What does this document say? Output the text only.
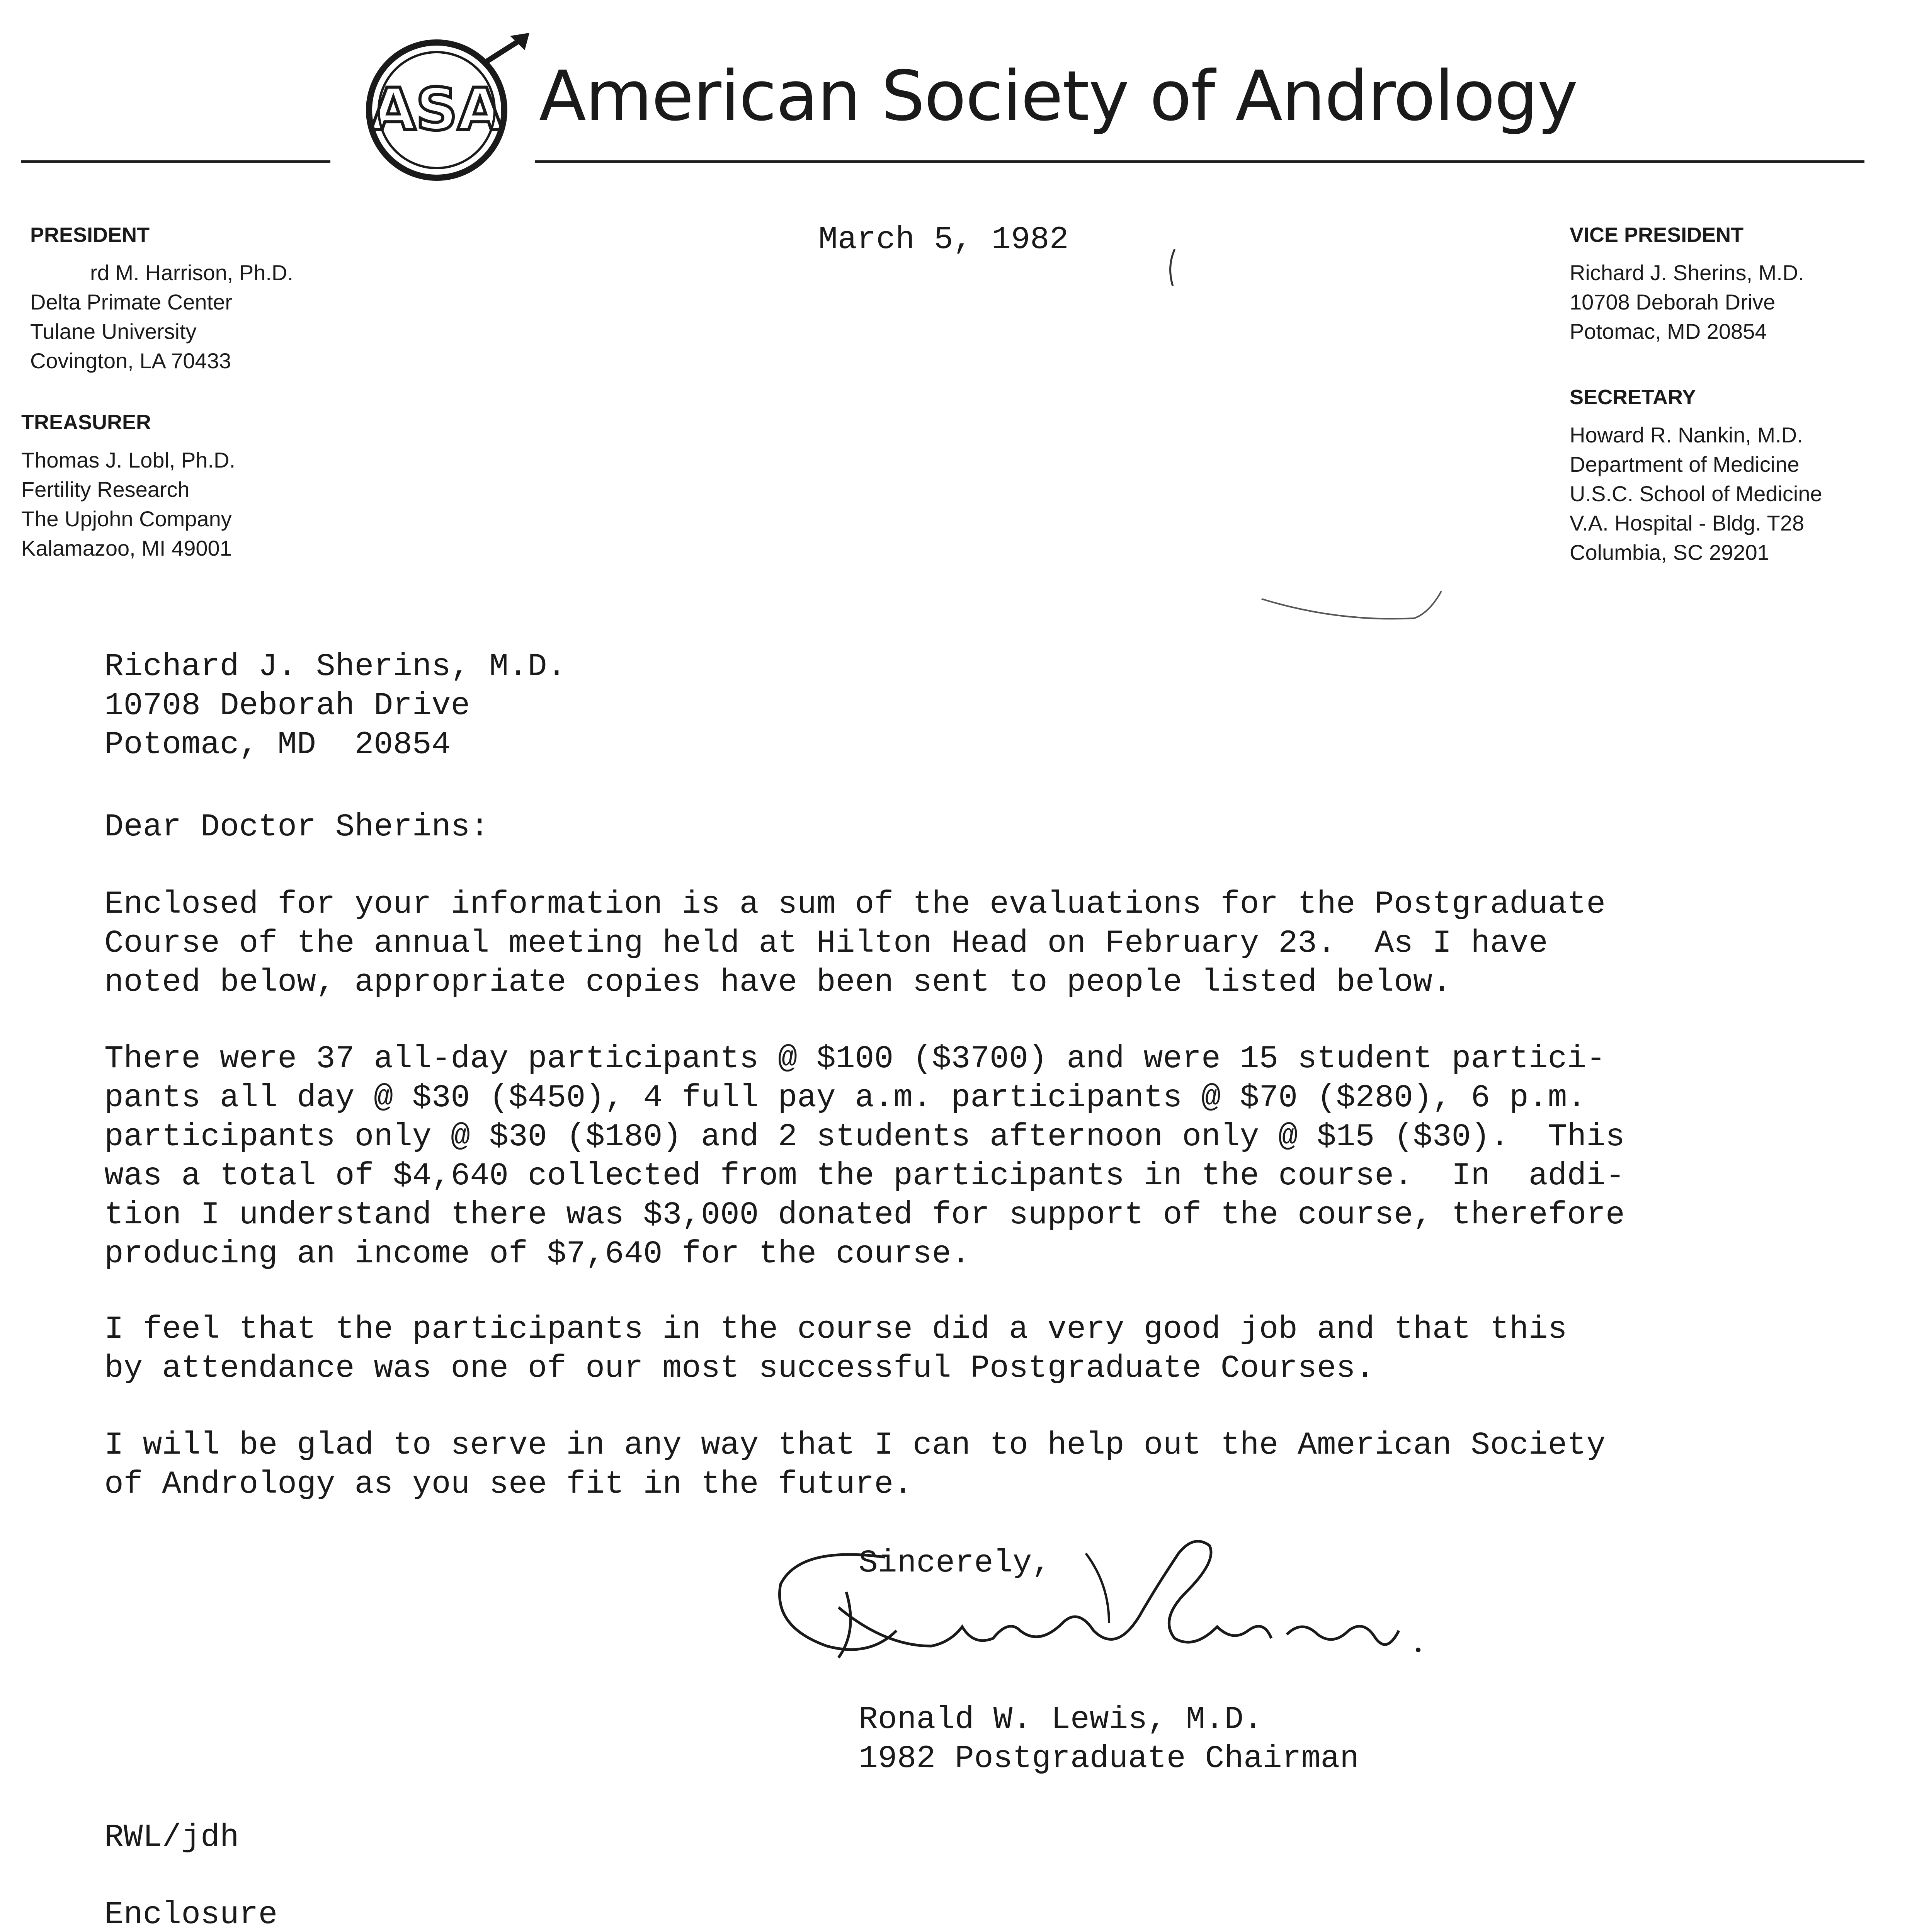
ASA American Society of Andrology
PRESIDENT
rd M. Harrison, Ph.D.
Delta Primate Center
Tulane University
Covington, LA 70433
TREASURER
Thomas J. Lobl, Ph.D.
Fertility Research
The Upjohn Company
Kalamazoo, MI 49001
VICE PRESIDENT
Richard J. Sherins, M.D.
10708 Deborah Drive
Potomac, MD 20854
SECRETARY
Howard R. Nankin, M.D.
Department of Medicine
U.S.C. School of Medicine
V.A. Hospital - Bldg. T28
Columbia, SC 29201
March 5, 1982
Richard J. Sherins, M.D.
10708 Deborah Drive
Potomac, MD  20854
Dear Doctor Sherins:
Enclosed for your information is a sum of the evaluations for the Postgraduate
Course of the annual meeting held at Hilton Head on February 23.  As I have
noted below, appropriate copies have been sent to people listed below.
There were 37 all-day participants @ $100 ($3700) and were 15 student partici-
pants all day @ $30 ($450), 4 full pay a.m. participants @ $70 ($280), 6 p.m.
participants only @ $30 ($180) and 2 students afternoon only @ $15 ($30).  This
was a total of $4,640 collected from the participants in the course.  In  addi-
tion I understand there was $3,000 donated for support of the course, therefore
producing an income of $7,640 for the course.
I feel that the participants in the course did a very good job and that this
by attendance was one of our most successful Postgraduate Courses.
I will be glad to serve in any way that I can to help out the American Society
of Andrology as you see fit in the future.
Sincerely,
Ronald W. Lewis, M.D.
1982 Postgraduate Chairman
RWL/jdh
Enclosure
